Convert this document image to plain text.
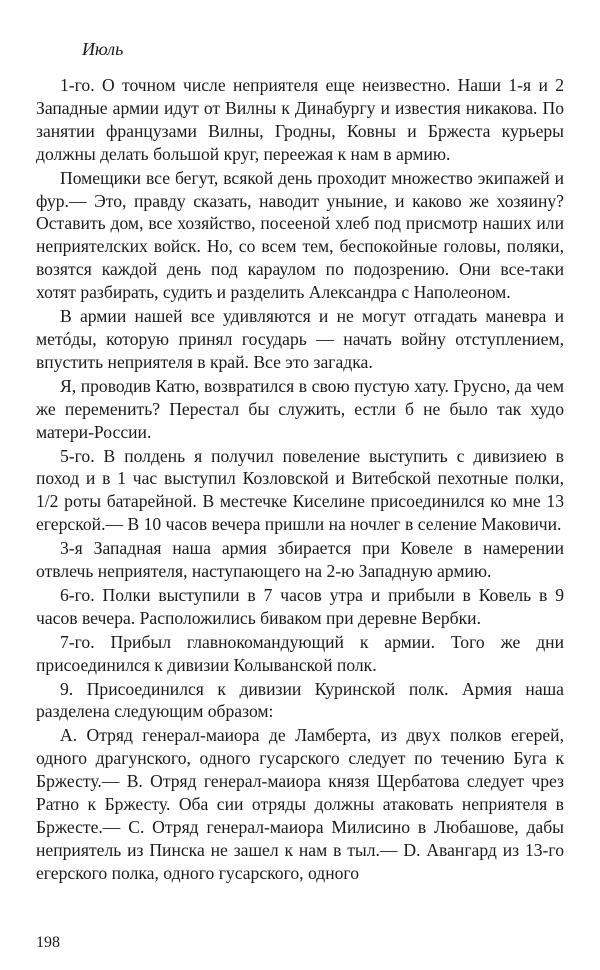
Июль

1-го. О точном числе неприятеля еще неизвестно. Наши 1-я и 2 Западные армии идут от Вилны к Динабургу и известия никакова. По занятии французами Вилны, Гродны, Ковны и Бржеста курьеры должны делать большой круг, переежая к нам в армию.

Помещики все бегут, всякой день проходит множество экипажей и фур.— Это, правду сказать, наводит уныние, и каково же хозяину? Оставить дом, все хозяйство, посееной хлеб под присмотр наших или неприятелских войск. Но, со всем тем, беспокойные головы, поляки, возятся каждой день под караулом по подозрению. Они все-таки хотят разбирать, судить и разделить Александра с Наполеоном.

В армии нашей все удивляются и не могут отгадать маневра и метóды, которую принял государь — начать войну отступлением, впустить неприятеля в край. Все это загадка.

Я, проводив Катю, возвратился в свою пустую хату. Грусно, да чем же переменить? Перестал бы служить, естли б не было так худо матери-России.

5-го. В полдень я получил повеление выступить с дивизиею в поход и в 1 час выступил Козловской и Витебской пехотные полки, 1/2 роты батарейной. В местечке Киселине присоединился ко мне 13 егерской.— В 10 часов вечера пришли на ночлег в селение Маковичи.

3-я Западная наша армия збирается при Ковеле в намерении отвлечь неприятеля, наступающего на 2-ю Западную армию.

6-го. Полки выступили в 7 часов утра и прибыли в Ковель в 9 часов вечера. Расположились биваком при деревне Вербки.

7-го. Прибыл главнокомандующий к армии. Того же дни присоединился к дивизии Колыванской полк.

9. Присоединился к дивизии Куринской полк. Армия наша разделена следующим образом:

A. Отряд генерал-маиора де Ламберта, из двух полков егерей, одного драгунского, одного гусарского следует по течению Буга к Бржесту.— B. Отряд генерал-маиора князя Щербатова следует чрез Ратно к Бржесту. Оба сии отряды должны атаковать неприятеля в Бржесте.— C. Отряд генерал-маиора Милисино в Любашове, дабы неприятель из Пинска не зашел к нам в тыл.— D. Авангард из 13-го егерского полка, одного гусарского, одного

198
